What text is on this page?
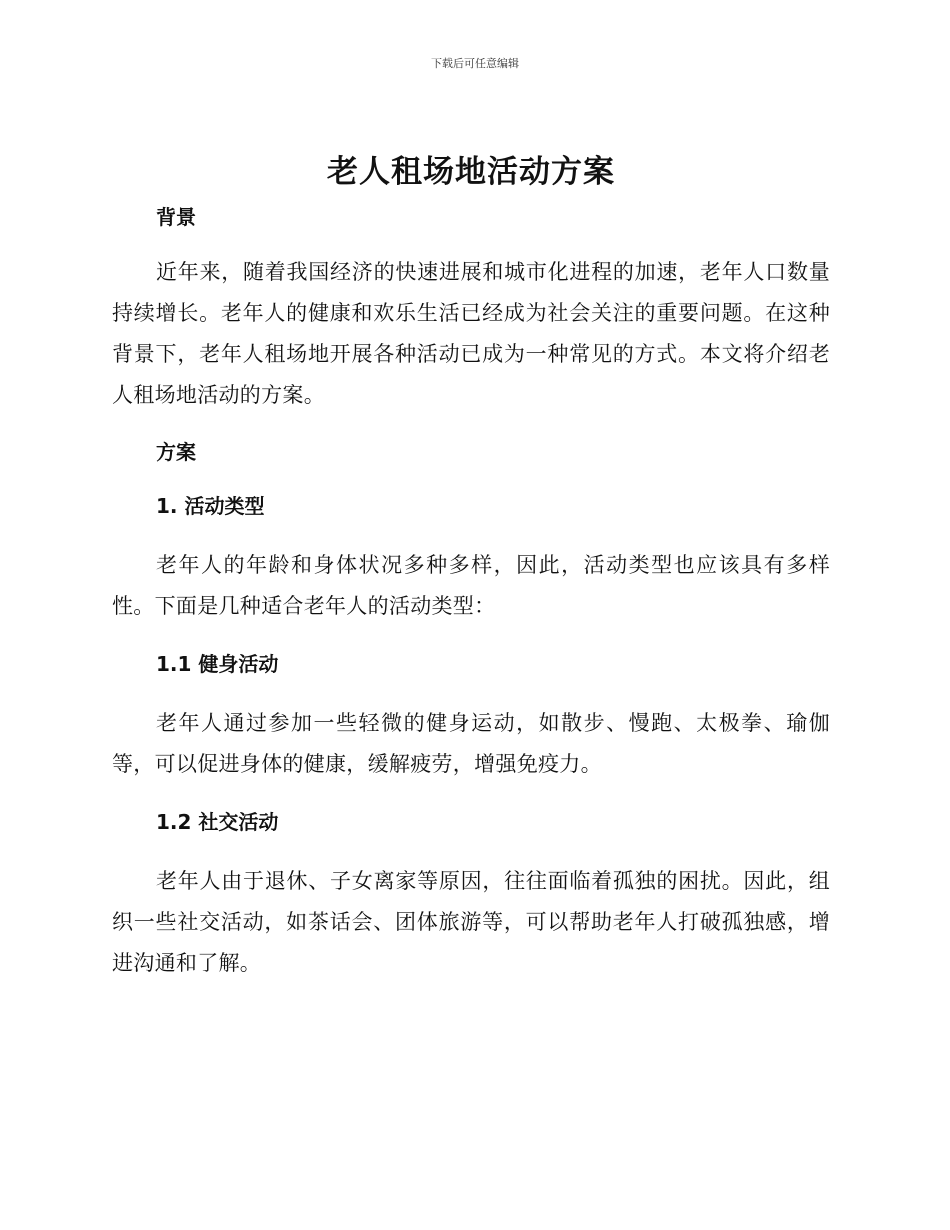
下载后可任意编辑
老人租场地活动方案
背景

近年来，随着我国经济的快速进展和城市化进程的加速，老年人口数量持续增长。老年人的健康和欢乐生活已经成为社会关注的重要问题。在这种背景下，老年人租场地开展各种活动已成为一种常见的方式。本文将介绍老人租场地活动的方案。

方案
1. 活动类型

老年人的年龄和身体状况多种多样，因此，活动类型也应该具有多样性。下面是几种适合老年人的活动类型：

1.1 健身活动

老年人通过参加一些轻微的健身运动，如散步、慢跑、太极拳、瑜伽等，可以促进身体的健康，缓解疲劳，增强免疫力。

1.2 社交活动

老年人由于退休、子女离家等原因，往往面临着孤独的困扰。因此，组织一些社交活动，如茶话会、团体旅游等，可以帮助老年人打破孤独感，增进沟通和了解。
